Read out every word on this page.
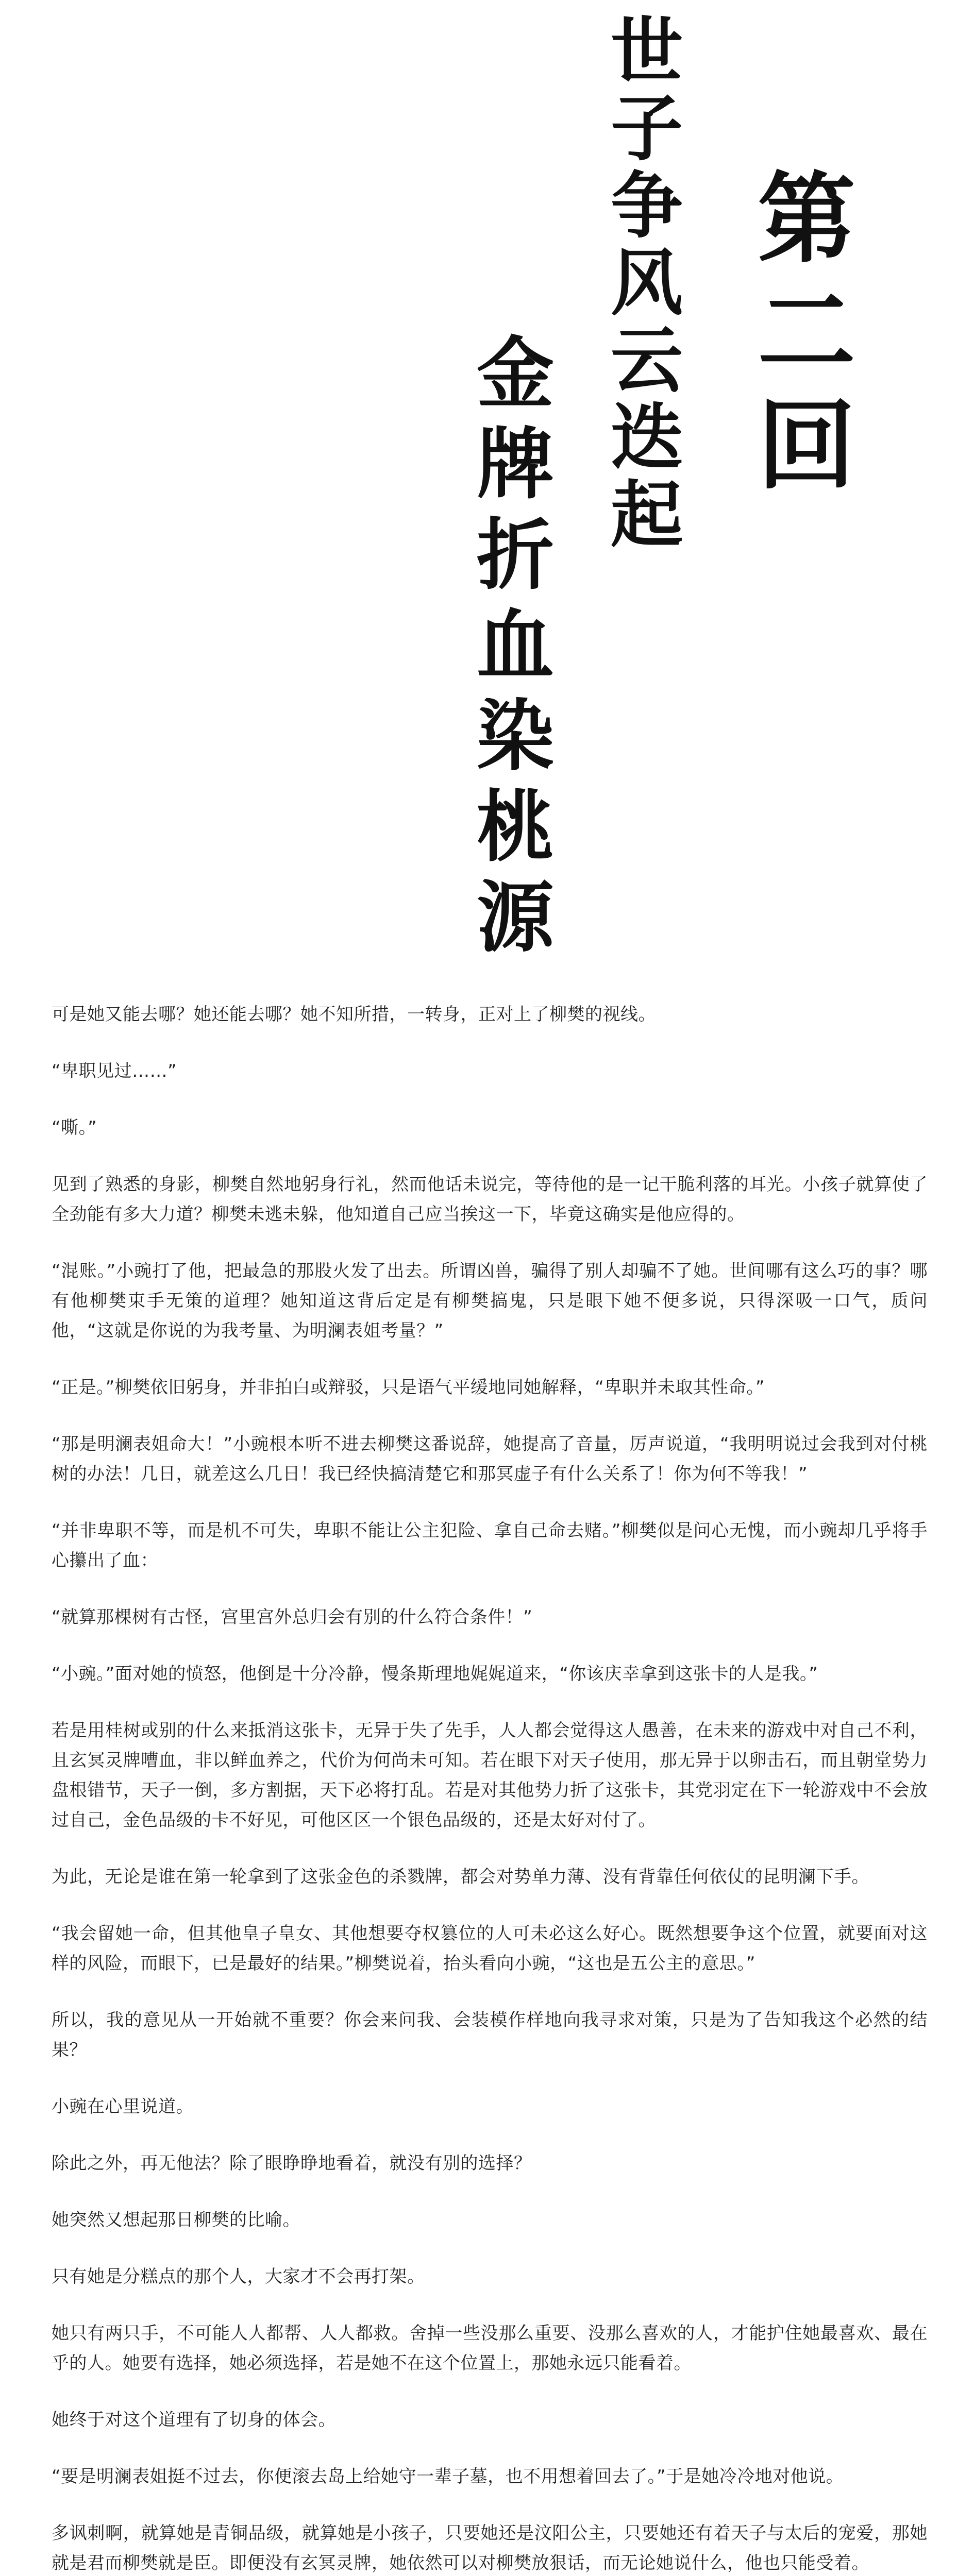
第
二
回
世
子
争
风
云
迭
起
金
牌
折
血
染
桃
源

可是她又能去哪？她还能去哪？她不知所措，一转身，正对上了柳樊的视线。

“卑职见过……”

“嘶。”

见到了熟悉的身影，柳樊自然地躬身行礼，然而他话未说完，等待他的是一记干脆利落的耳光。小孩子就算使了全劲能有多大力道？柳樊未逃未躲，他知道自己应当挨这一下，毕竟这确实是他应得的。

“混账。”小豌打了他，把最急的那股火发了出去。所谓凶兽，骗得了别人却骗不了她。世间哪有这么巧的事？哪有他柳樊束手无策的道理？她知道这背后定是有柳樊搞鬼，只是眼下她不便多说，只得深吸一口气，质问他，“这就是你说的为我考量、为明澜表姐考量？”

“正是。”柳樊依旧躬身，并非拍白或辩驳，只是语气平缓地同她解释，“卑职并未取其性命。”

“那是明澜表姐命大！”小豌根本听不进去柳樊这番说辞，她提高了音量，厉声说道，“我明明说过会我到对付桃树的办法！几日，就差这么几日！我已经快搞清楚它和那冥虚子有什么关系了！你为何不等我！”

“并非卑职不等，而是机不可失，卑职不能让公主犯险、拿自己命去赌。”柳樊似是问心无愧，而小豌却几乎将手心攥出了血：

“就算那棵树有古怪，宫里宫外总归会有别的什么符合条件！”

“小豌。”面对她的愤怒，他倒是十分冷静，慢条斯理地娓娓道来，“你该庆幸拿到这张卡的人是我。”

若是用桂树或别的什么来抵消这张卡，无异于失了先手，人人都会觉得这人愚善，在未来的游戏中对自己不利，且玄冥灵牌嘈血，非以鲜血养之，代价为何尚未可知。若在眼下对天子使用，那无异于以卵击石，而且朝堂势力盘根错节，天子一倒，多方割据，天下必将打乱。若是对其他势力折了这张卡，其党羽定在下一轮游戏中不会放过自己，金色品级的卡不好见，可他区区一个银色品级的，还是太好对付了。

为此，无论是谁在第一轮拿到了这张金色的杀戮牌，都会对势单力薄、没有背靠任何依仗的昆明澜下手。

“我会留她一命，但其他皇子皇女、其他想要夺权篡位的人可未必这么好心。既然想要争这个位置，就要面对这样的风险，而眼下，已是最好的结果。”柳樊说着，抬头看向小豌，“这也是五公主的意思。”

所以，我的意见从一开始就不重要？你会来问我、会装模作样地向我寻求对策，只是为了告知我这个必然的结果？

小豌在心里说道。

除此之外，再无他法？除了眼睁睁地看着，就没有别的选择？

她突然又想起那日柳樊的比喻。

只有她是分糕点的那个人，大家才不会再打架。

她只有两只手，不可能人人都帮、人人都救。舍掉一些没那么重要、没那么喜欢的人，才能护住她最喜欢、最在乎的人。她要有选择，她必须选择，若是她不在这个位置上，那她永远只能看着。

她终于对这个道理有了切身的体会。

“要是明澜表姐挺不过去，你便滚去岛上给她守一辈子墓，也不用想着回去了。”于是她冷冷地对他说。

多讽刺啊，就算她是青铜品级，就算她是小孩子，只要她还是汶阳公主，只要她还有着天子与太后的宠爱，那她就是君而柳樊就是臣。即便没有玄冥灵牌，她依然可以对柳樊放狠话，而无论她说什么，他也只能受着。
